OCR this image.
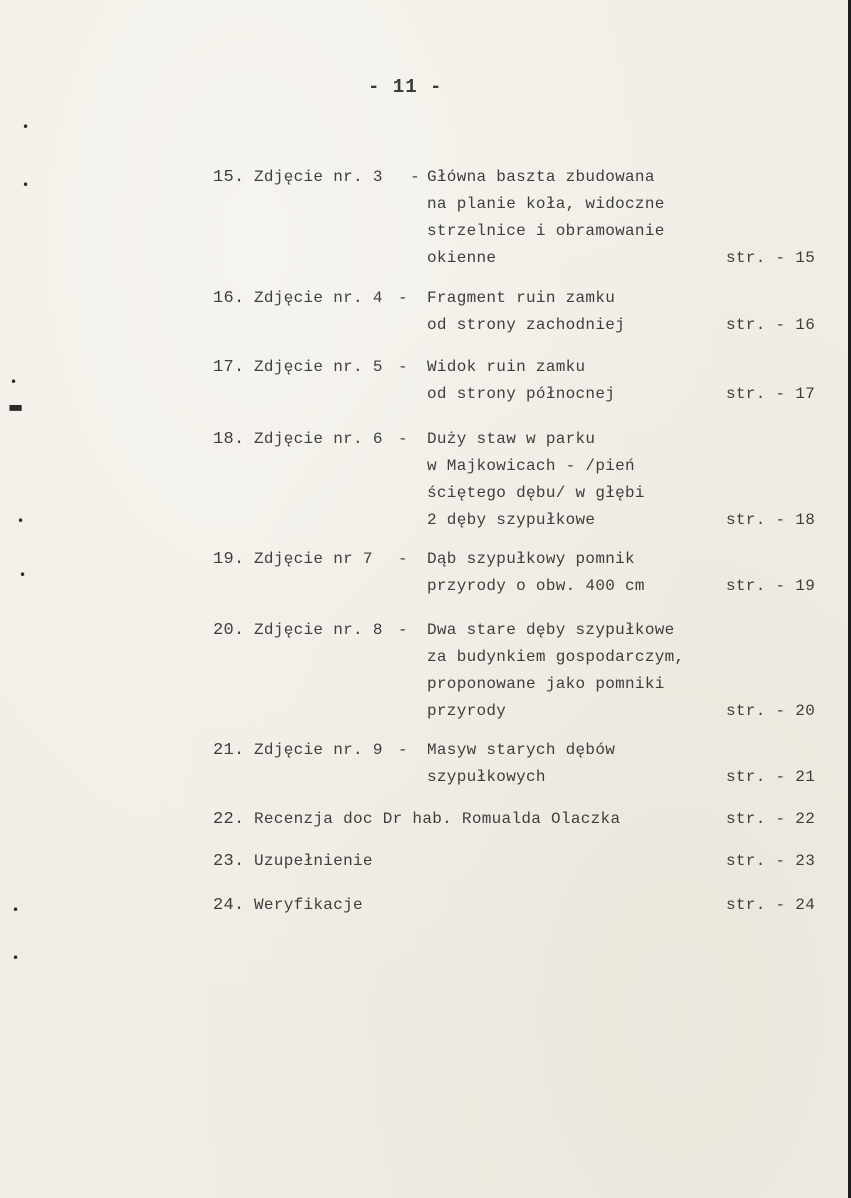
- 11 -
•
•
•
▬
•
•
•
•
15. Zdjęcie nr. 3 - Główna baszta zbudowana
na planie koła, widoczne
strzelnice i obramowanie
okienne	str. - 15
16. Zdjęcie nr. 4 - Fragment ruin zamku
od strony zachodniej	str. - 16
17. Zdjęcie nr. 5 - Widok ruin zamku
od strony północnej	str. - 17
18. Zdjęcie nr. 6 - Duży staw w parku
w Majkowicach - /pień
ściętego dębu/ w głębi
2 dęby szypułkowe	str. - 18
19. Zdjęcie nr 7 - Dąb szypułkowy pomnik
przyrody o obw. 400 cm	str. - 19
20. Zdjęcie nr. 8 - Dwa stare dęby szypułkowe
za budynkiem gospodarczym,
proponowane jako pomniki
przyrody	str. - 20
21. Zdjęcie nr. 9 - Masyw starych dębów
szypułkowych	str. - 21
22. Recenzja doc Dr hab. Romualda Olaczka	str. - 22
23. Uzupełnienie	str. - 23
24. Weryfikacje	str. - 24
